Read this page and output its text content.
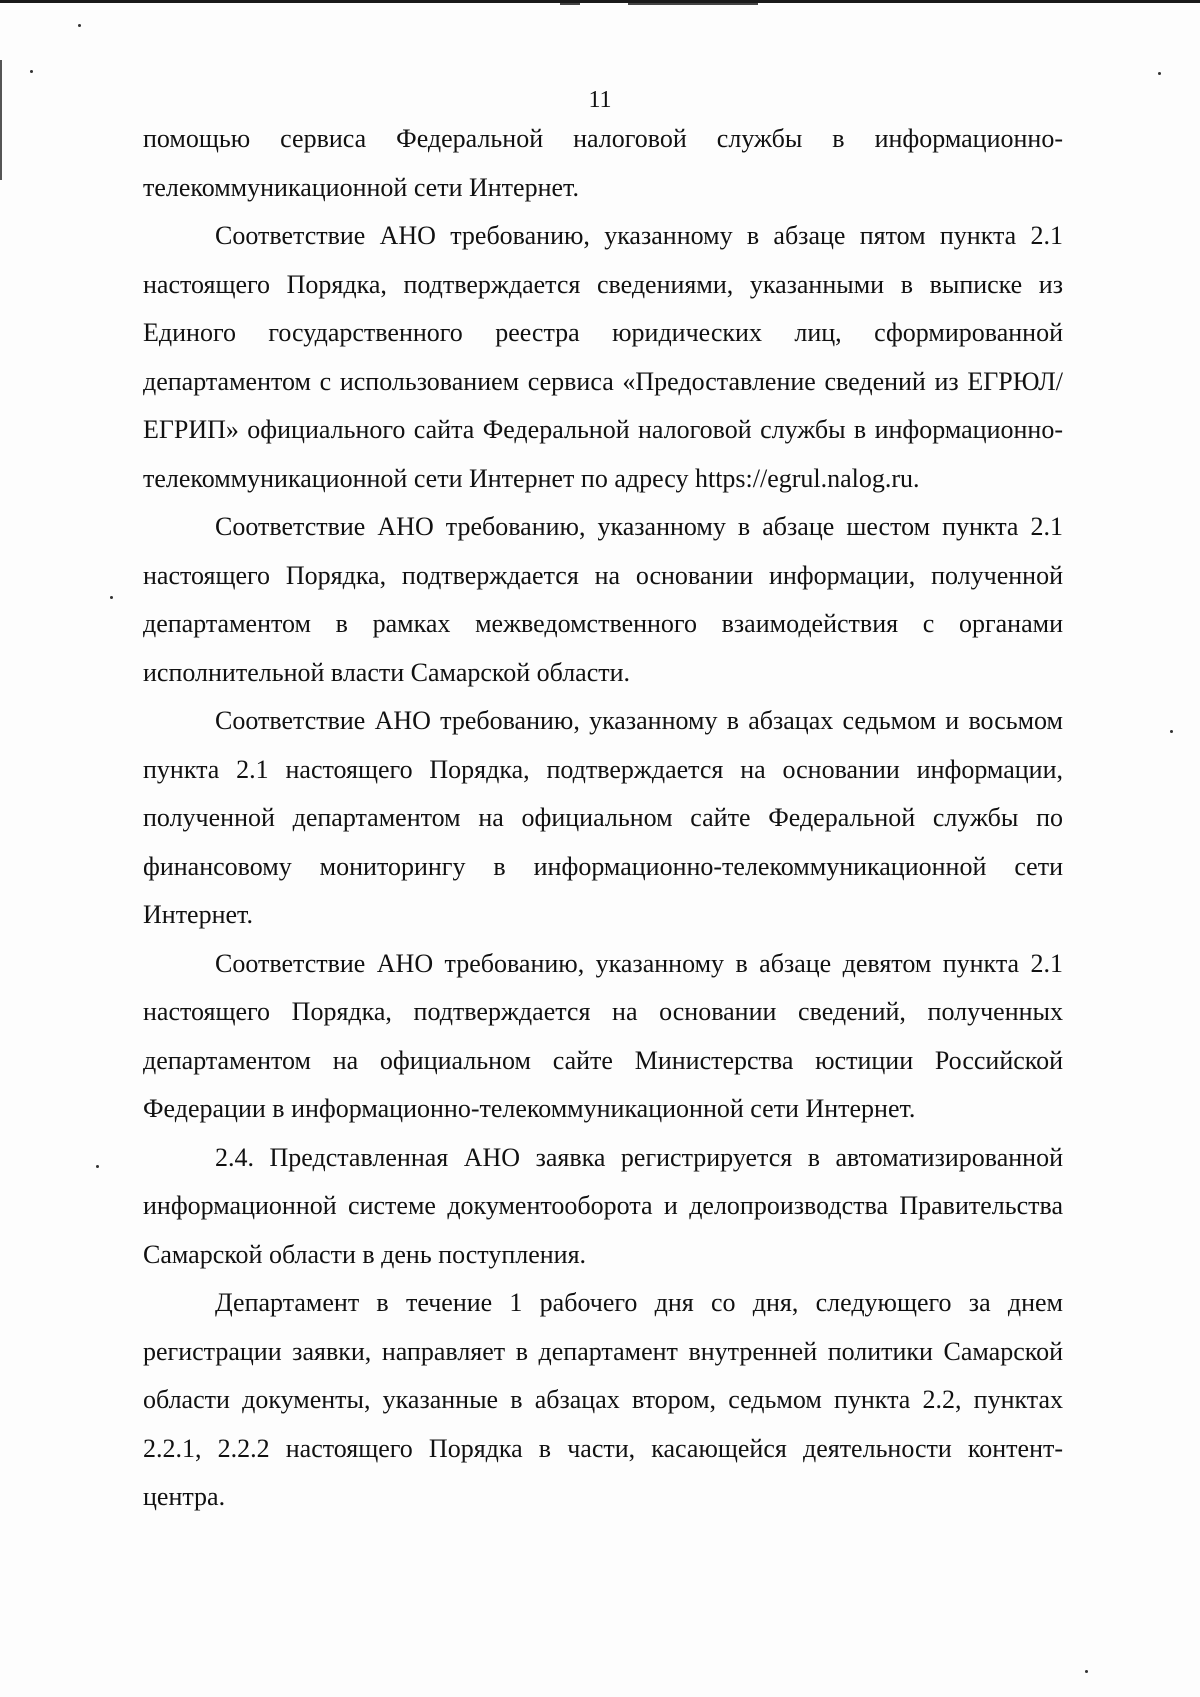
11

помощью сервиса Федеральной налоговой службы в информационно-телекоммуникационной сети Интернет.

Соответствие АНО требованию, указанному в абзаце пятом пункта 2.1 настоящего Порядка, подтверждается сведениями, указанными в выписке из Единого государственного реестра юридических лиц, сформированной департаментом с использованием сервиса «Предоставление сведений из ЕГРЮЛ/ЕГРИП» официального сайта Федеральной налоговой службы в информационно-телекоммуникационной сети Интернет по адресу https://egrul.nalog.ru.

Соответствие АНО требованию, указанному в абзаце шестом пункта 2.1 настоящего Порядка, подтверждается на основании информации, полученной департаментом в рамках межведомственного взаимодействия с органами исполнительной власти Самарской области.

Соответствие АНО требованию, указанному в абзацах седьмом и восьмом пункта 2.1 настоящего Порядка, подтверждается на основании информации, полученной департаментом на официальном сайте Федеральной службы по финансовому мониторингу в информационно-телекоммуникационной сети Интернет.

Соответствие АНО требованию, указанному в абзаце девятом пункта 2.1 настоящего Порядка, подтверждается на основании сведений, полученных департаментом на официальном сайте Министерства юстиции Российской Федерации в информационно-телекоммуникационной сети Интернет.

2.4. Представленная АНО заявка регистрируется в автоматизированной информационной системе документооборота и делопроизводства Правительства Самарской области в день поступления.

Департамент в течение 1 рабочего дня со дня, следующего за днем регистрации заявки, направляет в департамент внутренней политики Самарской области документы, указанные в абзацах втором, седьмом пункта 2.2, пунктах 2.2.1, 2.2.2 настоящего Порядка в части, касающейся деятельности контент-центра.
